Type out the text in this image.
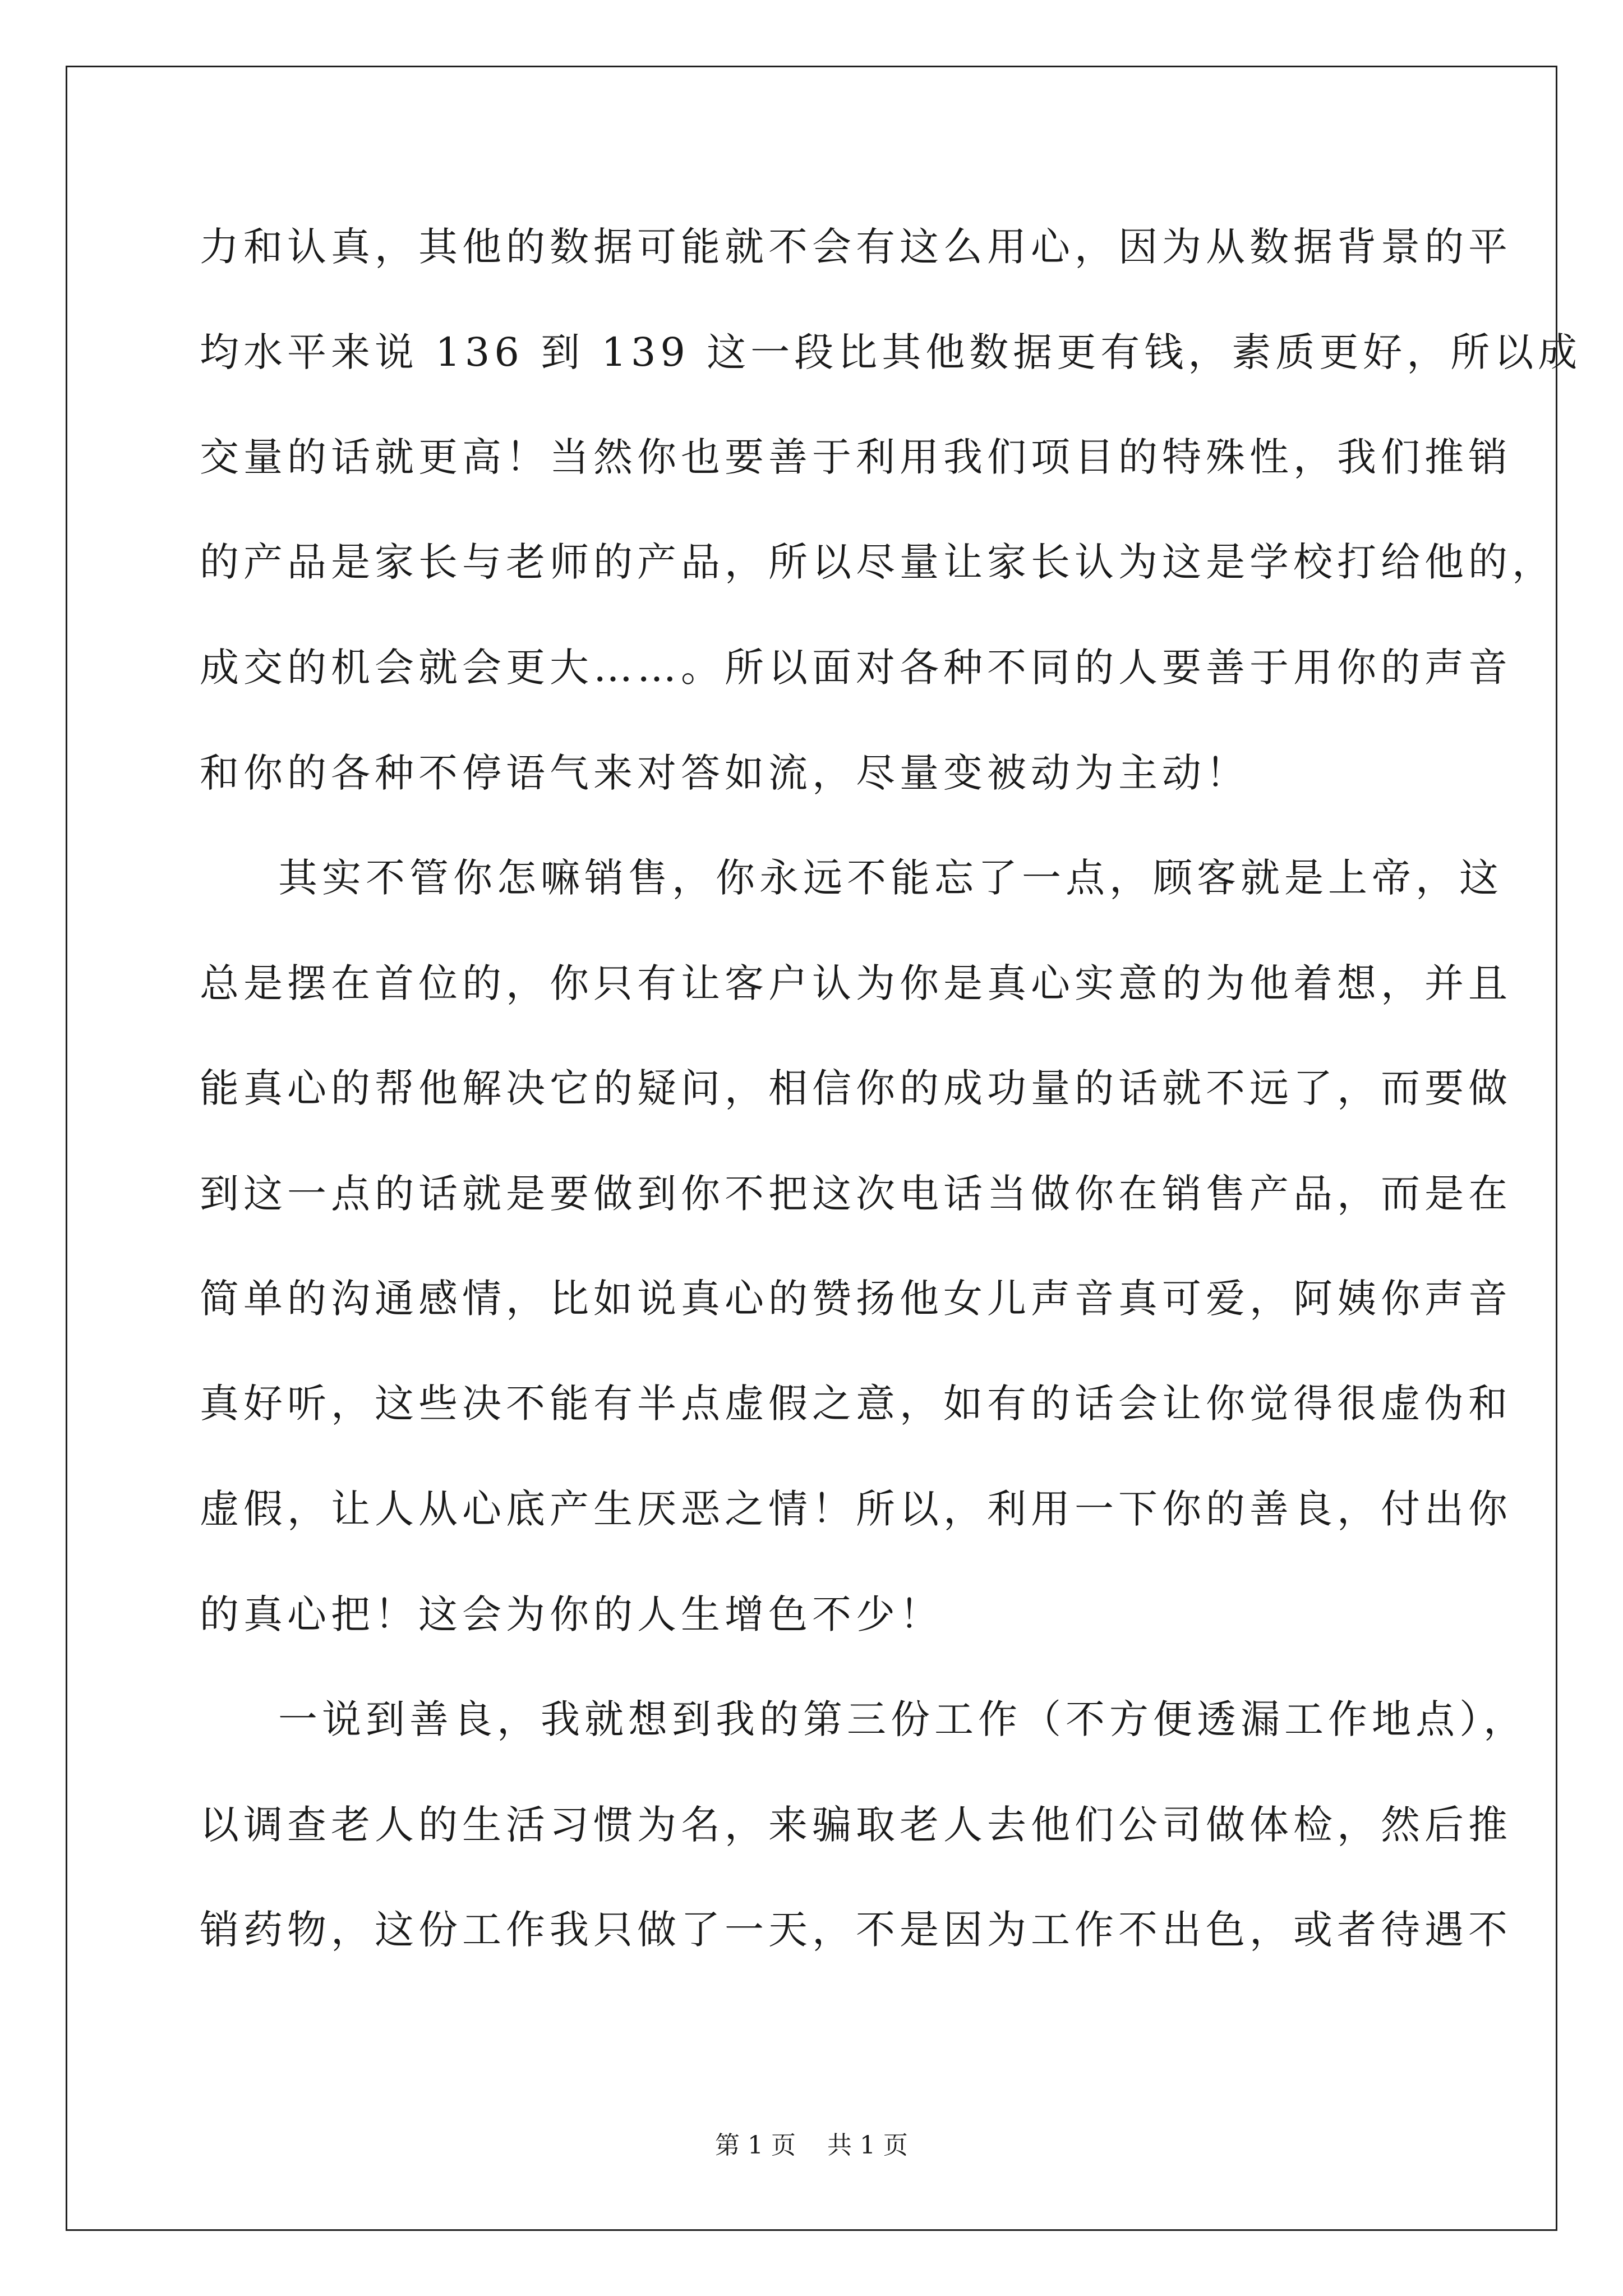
力和认真，其他的数据可能就不会有这么用心，因为从数据背景的平
均水平来说 136 到 139 这一段比其他数据更有钱，素质更好，所以成
交量的话就更高！当然你也要善于利用我们项目的特殊性，我们推销
的产品是家长与老师的产品，所以尽量让家长认为这是学校打给他的，
成交的机会就会更大……。所以面对各种不同的人要善于用你的声音
和你的各种不停语气来对答如流，尽量变被动为主动！
其实不管你怎嘛销售，你永远不能忘了一点，顾客就是上帝，这
总是摆在首位的，你只有让客户认为你是真心实意的为他着想，并且
能真心的帮他解决它的疑问，相信你的成功量的话就不远了，而要做
到这一点的话就是要做到你不把这次电话当做你在销售产品，而是在
简单的沟通感情，比如说真心的赞扬他女儿声音真可爱，阿姨你声音
真好听，这些决不能有半点虚假之意，如有的话会让你觉得很虚伪和
虚假，让人从心底产生厌恶之情！所以，利用一下你的善良，付出你
的真心把！这会为你的人生增色不少！
一说到善良，我就想到我的第三份工作（不方便透漏工作地点），
以调查老人的生活习惯为名，来骗取老人去他们公司做体检，然后推
销药物，这份工作我只做了一天，不是因为工作不出色，或者待遇不
第 1 页    共 1 页
